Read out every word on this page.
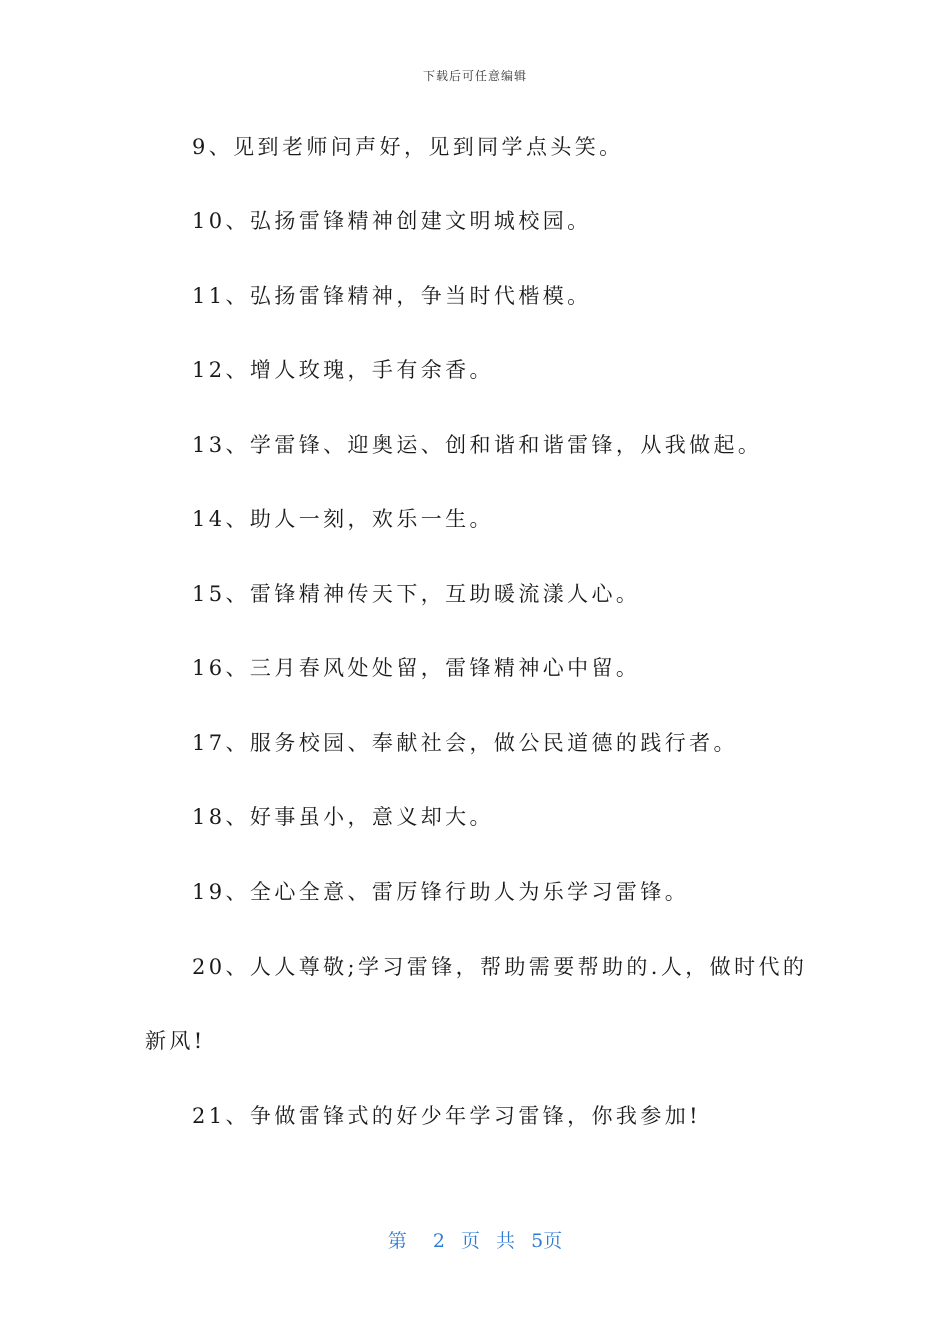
下载后可任意编辑
9、见到老师问声好，见到同学点头笑。
10、弘扬雷锋精神创建文明城校园。
11、弘扬雷锋精神，争当时代楷模。
12、增人玫瑰，手有余香。
13、学雷锋、迎奥运、创和谐和谐雷锋，从我做起。
14、助人一刻，欢乐一生。
15、雷锋精神传天下，互助暖流漾人心。
16、三月春风处处留，雷锋精神心中留。
17、服务校园、奉献社会，做公民道德的践行者。
18、好事虽小，意义却大。
19、全心全意、雷厉锋行助人为乐学习雷锋。
20、人人尊敬;学习雷锋，帮助需要帮助的.人，做时代的
新风!
21、争做雷锋式的好少年学习雷锋，你我参加!
第 2 页 共 5页
